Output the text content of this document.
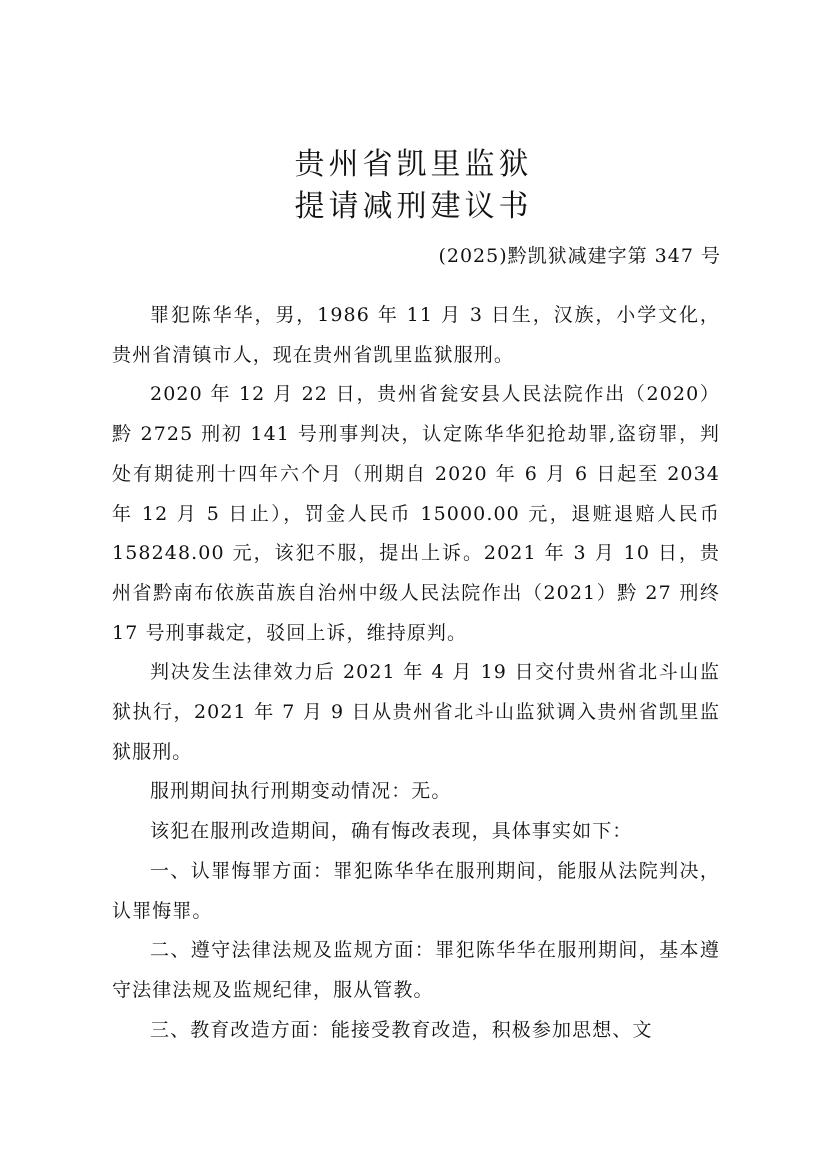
贵州省凯里监狱
提请减刑建议书
(2025)黔凯狱减建字第 347 号

罪犯陈华华，男，1986 年 11 月 3 日生，汉族，小学文化，贵州省清镇市人，现在贵州省凯里监狱服刑。

2020 年 12 月 22 日，贵州省瓮安县人民法院作出（2020）黔 2725 刑初 141 号刑事判决，认定陈华华犯抢劫罪,盗窃罪，判处有期徒刑十四年六个月（刑期自 2020 年 6 月 6 日起至 2034 年 12 月 5 日止），罚金人民币 15000.00 元，退赃退赔人民币 158248.00 元，该犯不服，提出上诉。2021 年 3 月 10 日，贵州省黔南布依族苗族自治州中级人民法院作出（2021）黔 27 刑终 17 号刑事裁定，驳回上诉，维持原判。

判决发生法律效力后 2021 年 4 月 19 日交付贵州省北斗山监狱执行，2021 年 7 月 9 日从贵州省北斗山监狱调入贵州省凯里监狱服刑。

服刑期间执行刑期变动情况：无。

该犯在服刑改造期间，确有悔改表现，具体事实如下：

一、认罪悔罪方面：罪犯陈华华在服刑期间，能服从法院判决，认罪悔罪。

二、遵守法律法规及监规方面：罪犯陈华华在服刑期间，基本遵守法律法规及监规纪律，服从管教。

三、教育改造方面：能接受教育改造，积极参加思想、文
